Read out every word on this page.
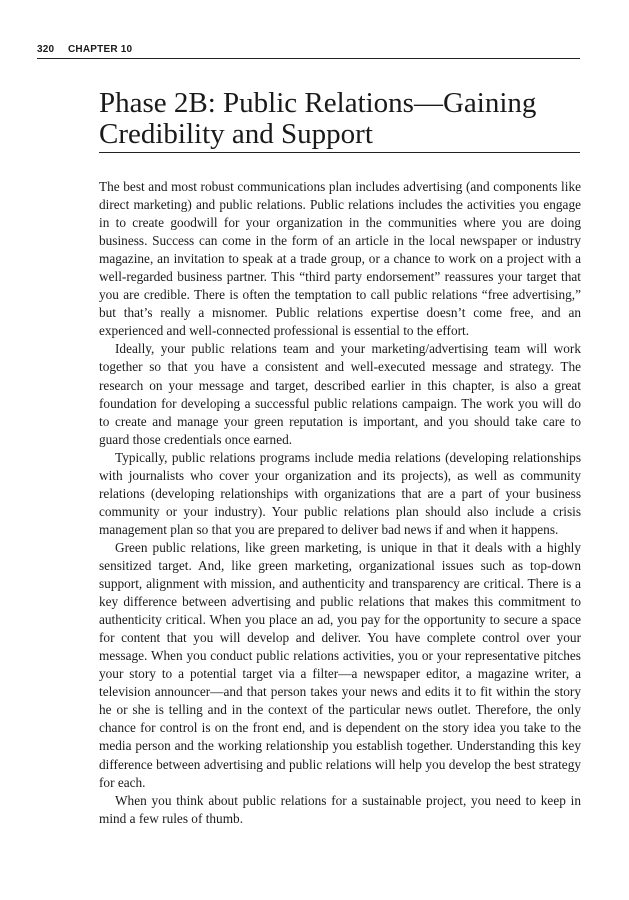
320 CHAPTER 10
Phase 2B: Public Relations—Gaining
Credibility and Support

The best and most robust communications plan includes advertising (and components like direct marketing) and public relations. Public relations includes the activities you engage in to create goodwill for your organization in the communities where you are doing business. Success can come in the form of an article in the local newspaper or industry magazine, an invitation to speak at a trade group, or a chance to work on a project with a well-regarded business partner. This “third party endorsement” reassures your target that you are credible. There is often the temptation to call public relations “free advertising,” but that’s really a misnomer. Public relations expertise doesn’t come free, and an experienced and well-connected professional is essential to the effort.

Ideally, your public relations team and your marketing/advertising team will work together so that you have a consistent and well-executed message and strategy. The research on your message and target, described earlier in this chapter, is also a great foundation for developing a successful public relations campaign. The work you will do to create and manage your green reputation is important, and you should take care to guard those credentials once earned.

Typically, public relations programs include media relations (developing relationships with journalists who cover your organization and its projects), as well as community relations (developing relationships with organizations that are a part of your business community or your industry). Your public relations plan should also include a crisis management plan so that you are prepared to deliver bad news if and when it happens.

Green public relations, like green marketing, is unique in that it deals with a highly sensitized target. And, like green marketing, organizational issues such as top-down support, alignment with mission, and authenticity and transparency are critical. There is a key difference between advertising and public relations that makes this commitment to authenticity critical. When you place an ad, you pay for the opportunity to secure a space for content that you will develop and deliver. You have complete control over your message. When you conduct public relations activities, you or your representative pitches your story to a potential target via a filter—a newspaper editor, a magazine writer, a television announcer—and that person takes your news and edits it to fit within the story he or she is telling and in the context of the particular news outlet. Therefore, the only chance for control is on the front end, and is dependent on the story idea you take to the media person and the working relationship you establish together. Understanding this key difference between advertising and public relations will help you develop the best strategy for each.

When you think about public relations for a sustainable project, you need to keep in mind a few rules of thumb.
